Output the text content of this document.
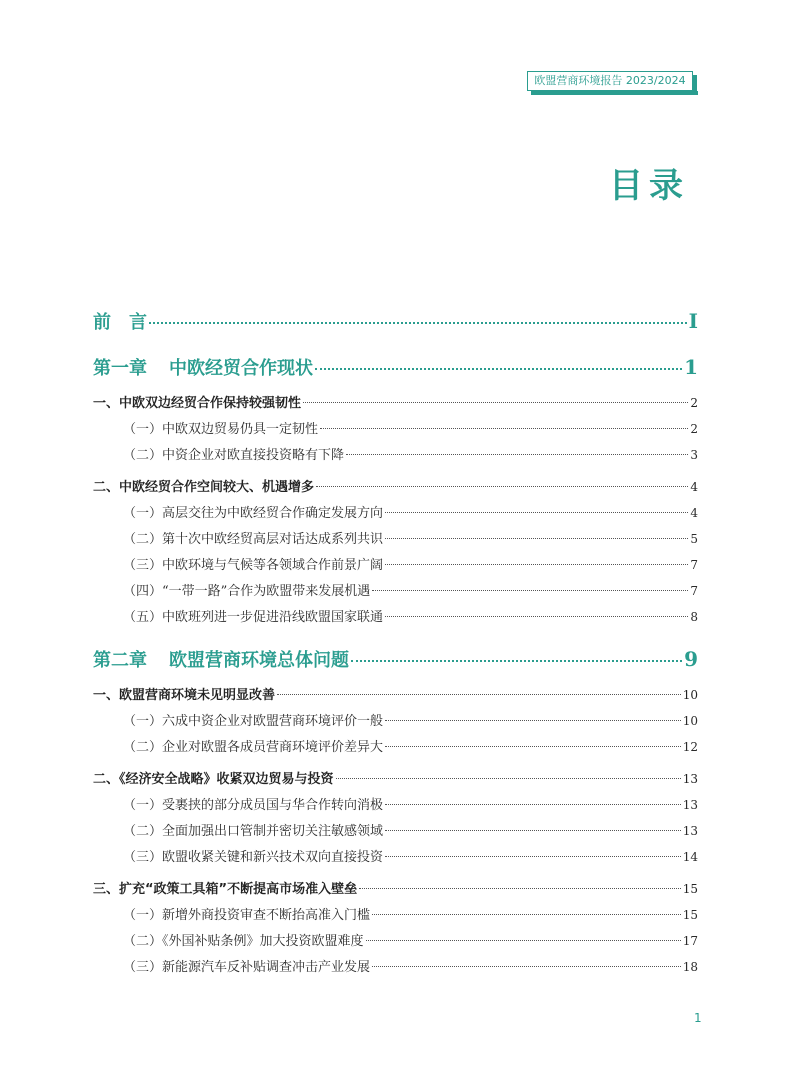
欧盟营商环境报告 2023/2024
目录
前　言	I
第一章 中欧经贸合作现状	1
一、中欧双边经贸合作保持较强韧性	2
（一）中欧双边贸易仍具一定韧性	2
（二）中资企业对欧直接投资略有下降	3
二、中欧经贸合作空间较大、机遇增多	4
（一）高层交往为中欧经贸合作确定发展方向	4
（二）第十次中欧经贸高层对话达成系列共识	5
（三）中欧环境与气候等各领域合作前景广阔	7
（四）“一带一路”合作为欧盟带来发展机遇	7
（五）中欧班列进一步促进沿线欧盟国家联通	8
第二章 欧盟营商环境总体问题	9
一、欧盟营商环境未见明显改善	10
（一）六成中资企业对欧盟营商环境评价一般	10
（二）企业对欧盟各成员营商环境评价差异大	12
二、《经济安全战略》收紧双边贸易与投资	13
（一）受裹挟的部分成员国与华合作转向消极	13
（二）全面加强出口管制并密切关注敏感领域	13
（三）欧盟收紧关键和新兴技术双向直接投资	14
三、扩充“政策工具箱”不断提高市场准入壁垒	15
（一）新增外商投资审查不断抬高准入门槛	15
（二）《外国补贴条例》加大投资欧盟难度	17
（三）新能源汽车反补贴调查冲击产业发展	18
1
